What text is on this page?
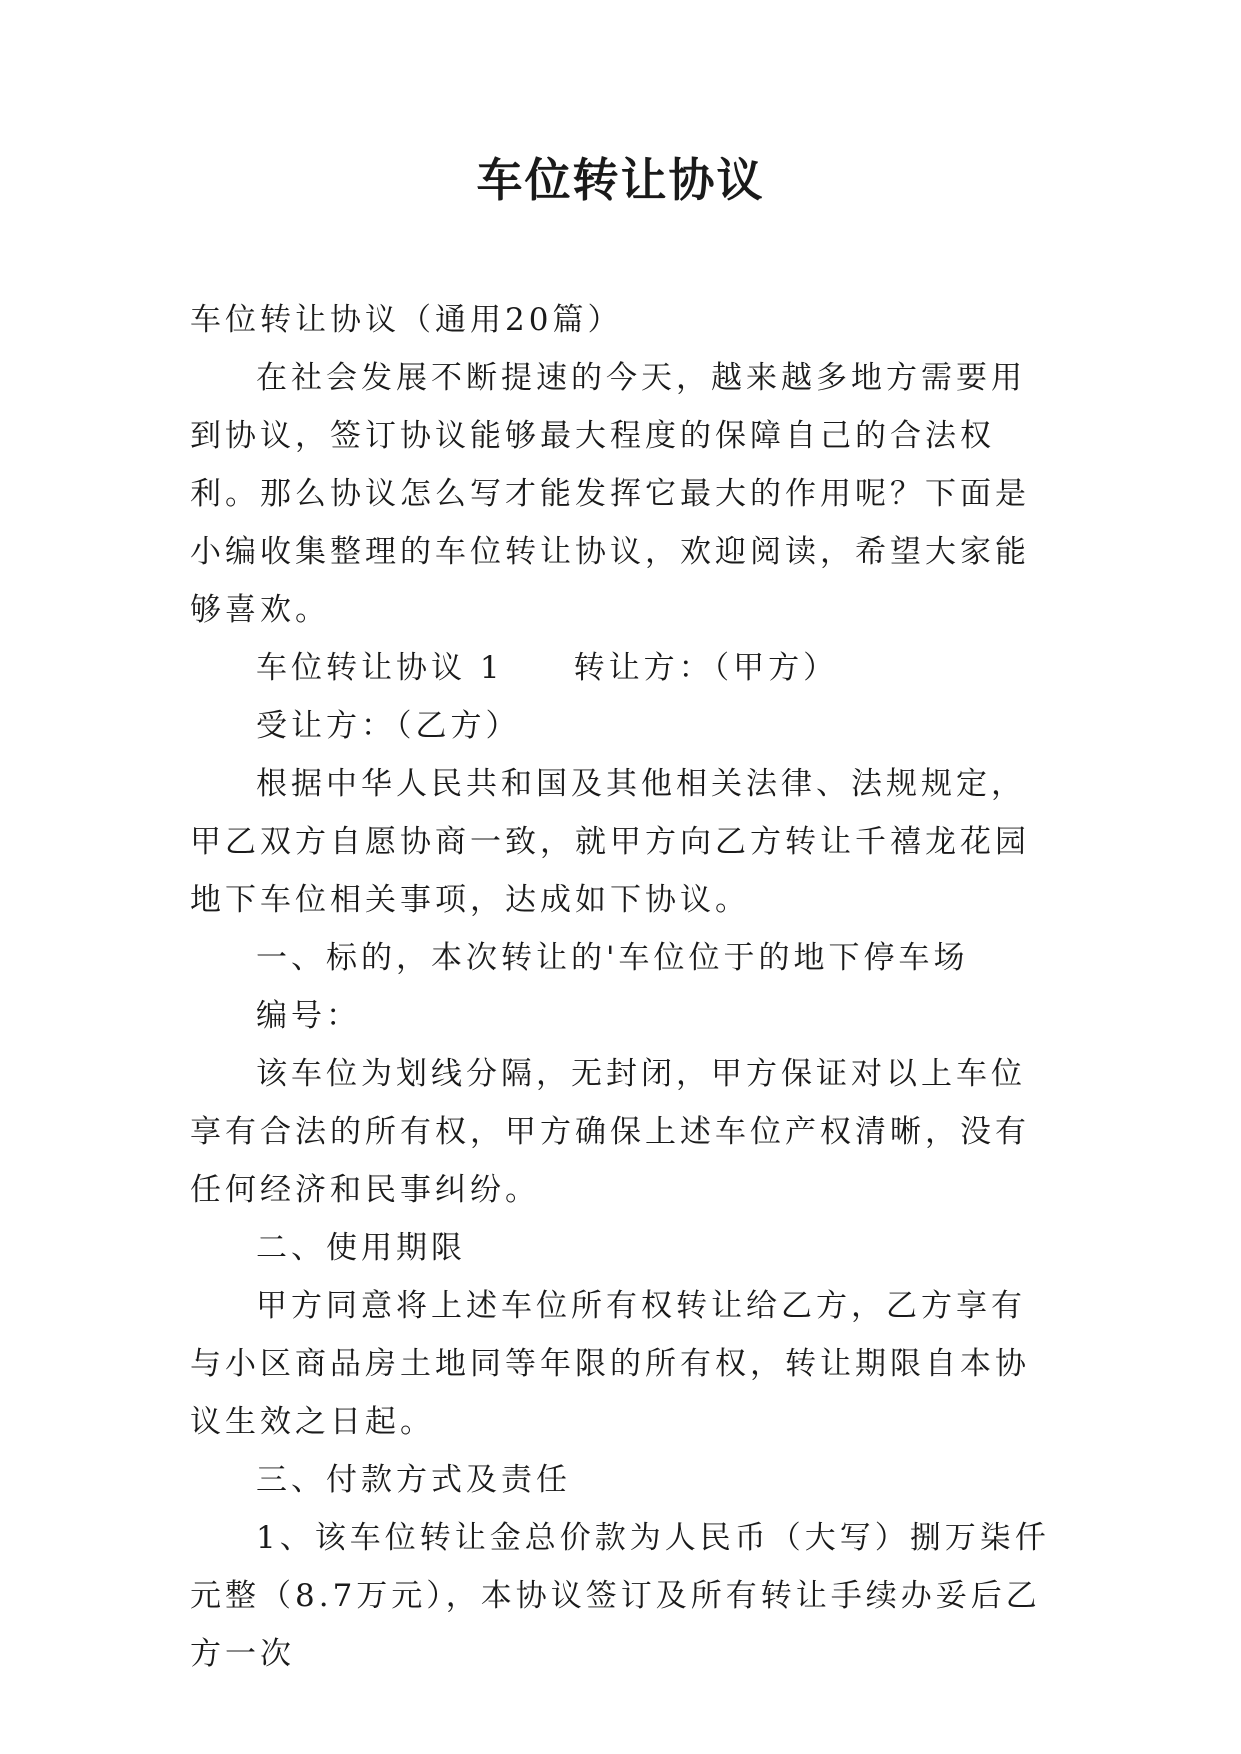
车位转让协议

车位转让协议（通用20篇）

在社会发展不断提速的今天，越来越多地方需要用到协议，签订协议能够最大程度的保障自己的合法权利。那么协议怎么写才能发挥它最大的作用呢？下面是小编收集整理的车位转让协议，欢迎阅读，希望大家能够喜欢。

车位转让协议 1 转让方：（甲方）

受让方：（乙方）

根据中华人民共和国及其他相关法律、法规规定，甲乙双方自愿协商一致，就甲方向乙方转让千禧龙花园地下车位相关事项，达成如下协议。

一、标的，本次转让的'车位位于的地下停车场

编号：

该车位为划线分隔，无封闭，甲方保证对以上车位享有合法的所有权，甲方确保上述车位产权清晰，没有任何经济和民事纠纷。

二、使用期限

甲方同意将上述车位所有权转让给乙方，乙方享有与小区商品房土地同等年限的所有权，转让期限自本协议生效之日起。

三、付款方式及责任

1、该车位转让金总价款为人民币（大写）捌万柒仟元整（8.7万元），本协议签订及所有转让手续办妥后乙方一次
